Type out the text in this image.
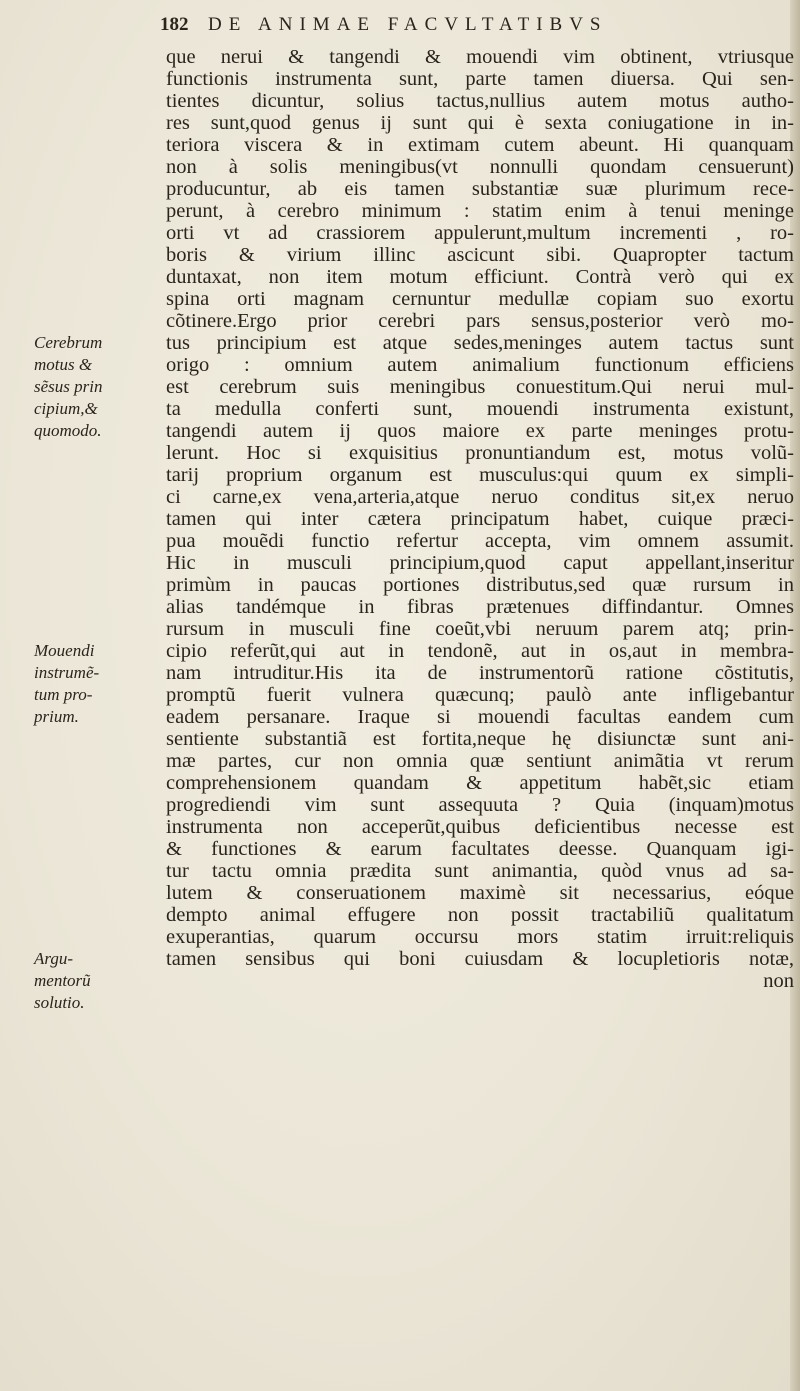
182 DE ANIMAE FACVLTATIBVS
Cerebrum
motus &
sẽsus prin
cipium,&
quomodo.
Mouendi
instrumẽ-
tum pro-
prium.
Argu-
mentorũ
solutio.
que nerui & tangendi & mouendi vim obtinent, vtriusque
functionis instrumenta sunt, parte tamen diuersa. Qui sen-
tientes dicuntur, solius tactus,nullius autem motus autho-
res sunt,quod genus ij sunt qui è sexta coniugatione in in-
teriora viscera & in extimam cutem abeunt. Hi quanquam
non à solis meningibus(vt nonnulli quondam censuerunt)
producuntur, ab eis tamen substantiæ suæ plurimum rece-
perunt, à cerebro minimum : statim enim à tenui meninge
orti vt ad crassiorem appulerunt,multum incrementi , ro-
boris & virium illinc ascicunt sibi. Quapropter tactum
duntaxat, non item motum efficiunt. Contrà verò qui ex
spina orti magnam cernuntur medullæ copiam suo exortu
cõtinere.Ergo prior cerebri pars sensus,posterior verò mo-
tus principium est atque sedes,meninges autem tactus sunt
origo : omnium autem animalium functionum efficiens
est cerebrum suis meningibus conuestitum.Qui nerui mul-
ta medulla conferti sunt, mouendi instrumenta existunt,
tangendi autem ij quos maiore ex parte meninges protu-
lerunt. Hoc si exquisitius pronuntiandum est, motus volũ-
tarij proprium organum est musculus:qui quum ex simpli-
ci carne,ex vena,arteria,atque neruo conditus sit,ex neruo
tamen qui inter cætera principatum habet, cuique præci-
pua mouẽdi functio refertur accepta, vim omnem assumit.
Hic in musculi principium,quod caput appellant,inseritur
primùm in paucas portiones distributus,sed quæ rursum in
alias tandémque in fibras prætenues diffindantur. Omnes
rursum in musculi fine coeũt,vbi neruum parem atq; prin-
cipio referũt,qui aut in tendonẽ, aut in os,aut in membra-
nam intruditur.His ita de instrumentorũ ratione cõstitutis,
promptũ fuerit vulnera quæcunq; paulò ante infligebantur
eadem persanare. Iraque si mouendi facultas eandem cum
sentiente substantiã est fortita,neque hę disiunctæ sunt ani-
mæ partes, cur non omnia quæ sentiunt animãtia vt rerum
comprehensionem quandam & appetitum habẽt,sic etiam
progrediendi vim sunt assequuta ? Quia (inquam)motus
instrumenta non acceperũt,quibus deficientibus necesse est
& functiones & earum facultates deesse. Quanquam igi-
tur tactu omnia prædita sunt animantia, quòd vnus ad sa-
lutem & conseruationem maximè sit necessarius, eóque
dempto animal effugere non possit tractabiliũ qualitatum
exuperantias, quarum occursu mors statim irruit:reliquis
tamen sensibus qui boni cuiusdam & locupletioris notæ,
non
